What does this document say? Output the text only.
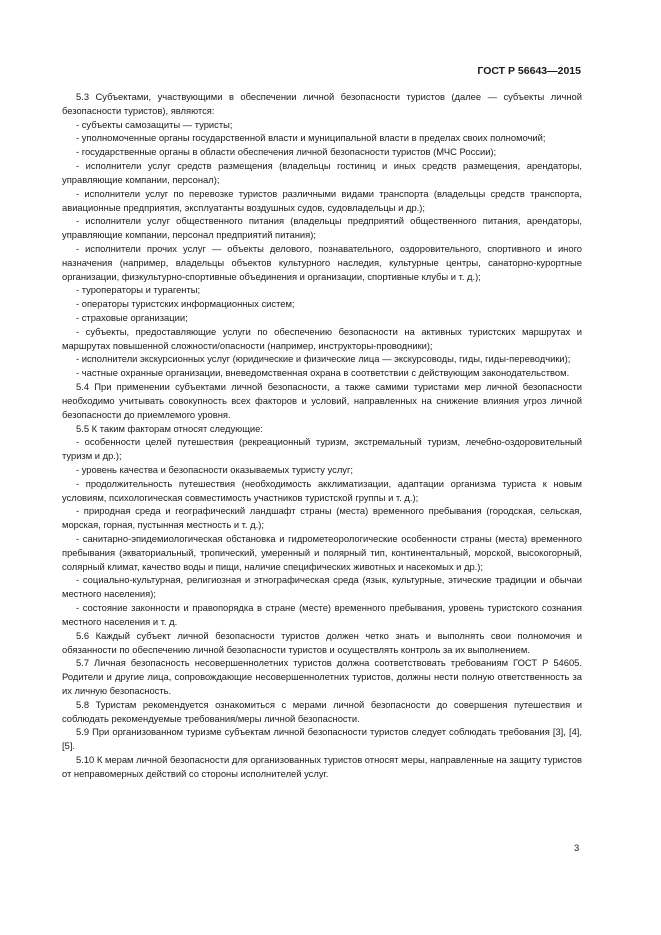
ГОСТ Р 56643—2015

5.3 Субъектами, участвующими в обеспечении личной безопасности туристов (далее — субъекты личной безопасности туристов), являются:

- субъекты самозащиты — туристы;

- уполномоченные органы государственной власти и муниципальной власти в пределах своих полномочий;

- государственные органы в области обеспечения личной безопасности туристов (МЧС России);

- исполнители услуг средств размещения (владельцы гостиниц и иных средств размещения, арендаторы, управляющие компании, персонал);

- исполнители услуг по перевозке туристов различными видами транспорта (владельцы средств транспорта, авиационные предприятия, эксплуатанты воздушных судов, судовладельцы и др.);

- исполнители услуг общественного питания (владельцы предприятий общественного питания, арендаторы, управляющие компании, персонал предприятий питания);

- исполнители прочих услуг — объекты делового, познавательного, оздоровительного, спортивного и иного назначения (например, владельцы объектов культурного наследия, культурные центры, санаторно-курортные организации, физкультурно-спортивные объединения и организации, спортивные клубы и т. д.);

- туроператоры и турагенты;

- операторы туристских информационных систем;

- страховые организации;

- субъекты, предоставляющие услуги по обеспечению безопасности на активных туристских маршрутах и маршрутах повышенной сложности/опасности (например, инструкторы-проводники);

- исполнители экскурсионных услуг (юридические и физические лица — экскурсоводы, гиды, гиды-переводчики);

- частные охранные организации, вневедомственная охрана в соответствии с действующим законодательством.

5.4 При применении субъектами личной безопасности, а также самими туристами мер личной безопасности необходимо учитывать совокупность всех факторов и условий, направленных на снижение влияния угроз личной безопасности до приемлемого уровня.

5.5 К таким факторам относят следующие:

- особенности целей путешествия (рекреационный туризм, экстремальный туризм, лечебно-оздоровительный туризм и др.);

- уровень качества и безопасности оказываемых туристу услуг;

- продолжительность путешествия (необходимость акклиматизации, адаптации организма туриста к новым условиям, психологическая совместимость участников туристской группы и т. д.);

- природная среда и географический ландшафт страны (места) временного пребывания (городская, сельская, морская, горная, пустынная местность и т. д.);

- санитарно-эпидемиологическая обстановка и гидрометеорологические особенности страны (места) временного пребывания (экваториальный, тропический, умеренный и полярный тип, континентальный, морской, высокогорный, солярный климат, качество воды и пищи, наличие специфических животных и насекомых и др.);

- социально-культурная, религиозная и этнографическая среда (язык, культурные, этические традиции и обычаи местного населения);

- состояние законности и правопорядка в стране (месте) временного пребывания, уровень туристского сознания местного населения и т. д.

5.6 Каждый субъект личной безопасности туристов должен четко знать и выполнять свои полномочия и обязанности по обеспечению личной безопасности туристов и осуществлять контроль за их выполнением.

5.7 Личная безопасность несовершеннолетних туристов должна соответствовать требованиям ГОСТ Р 54605. Родители и другие лица, сопровождающие несовершеннолетних туристов, должны нести полную ответственность за их личную безопасность.

5.8 Туристам рекомендуется ознакомиться с мерами личной безопасности до совершения путешествия и соблюдать рекомендуемые требования/меры личной безопасности.

5.9 При организованном туризме субъектам личной безопасности туристов следует соблюдать требования [3], [4], [5].

5.10 К мерам личной безопасности для организованных туристов относят меры, направленные на защиту туристов от неправомерных действий со стороны исполнителей услуг.

3
